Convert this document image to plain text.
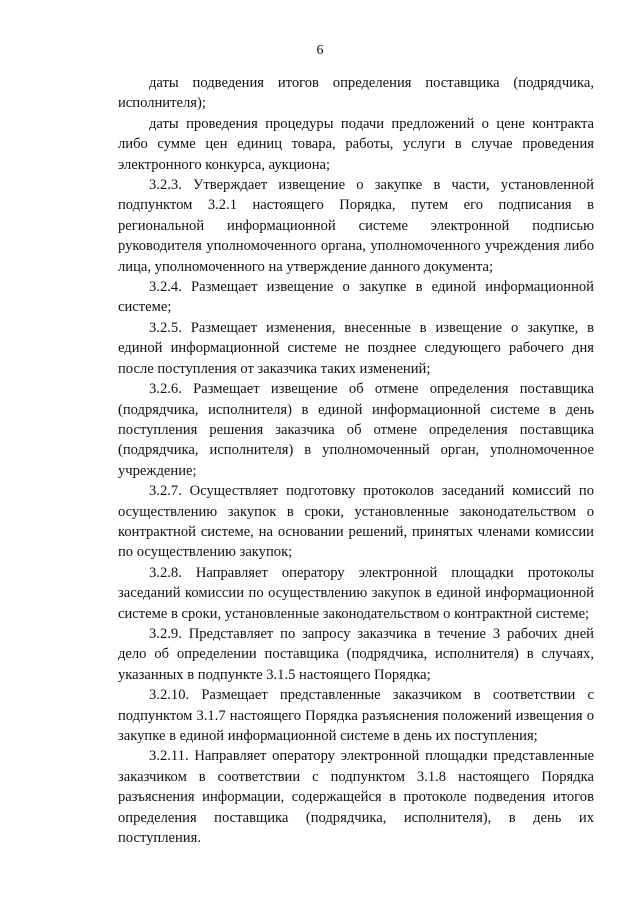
6

даты подведения итогов определения поставщика (подрядчика, исполнителя);

даты проведения процедуры подачи предложений о цене контракта либо сумме цен единиц товара, работы, услуги в случае проведения электронного конкурса, аукциона;

3.2.3. Утверждает извещение о закупке в части, установленной подпунктом 3.2.1 настоящего Порядка, путем его подписания в региональной информационной системе электронной подписью руководителя уполномоченного органа, уполномоченного учреждения либо лица, уполномоченного на утверждение данного документа;

3.2.4. Размещает извещение о закупке в единой информационной системе;

3.2.5. Размещает изменения, внесенные в извещение о закупке, в единой информационной системе не позднее следующего рабочего дня после поступления от заказчика таких изменений;

3.2.6. Размещает извещение об отмене определения поставщика (подрядчика, исполнителя) в единой информационной системе в день поступления решения заказчика об отмене определения поставщика (подрядчика, исполнителя) в уполномоченный орган, уполномоченное учреждение;

3.2.7. Осуществляет подготовку протоколов заседаний комиссий по осуществлению закупок в сроки, установленные законодательством о контрактной системе, на основании решений, принятых членами комиссии по осуществлению закупок;

3.2.8. Направляет оператору электронной площадки протоколы заседаний комиссии по осуществлению закупок в единой информационной системе в сроки, установленные законодательством о контрактной системе;

3.2.9. Представляет по запросу заказчика в течение 3 рабочих дней дело об определении поставщика (подрядчика, исполнителя) в случаях, указанных в подпункте 3.1.5 настоящего Порядка;

3.2.10. Размещает представленные заказчиком в соответствии с подпунктом 3.1.7 настоящего Порядка разъяснения положений извещения о закупке в единой информационной системе в день их поступления;

3.2.11. Направляет оператору электронной площадки представленные заказчиком в соответствии с подпунктом 3.1.8 настоящего Порядка разъяснения информации, содержащейся в протоколе подведения итогов определения поставщика (подрядчика, исполнителя), в день их поступления.
